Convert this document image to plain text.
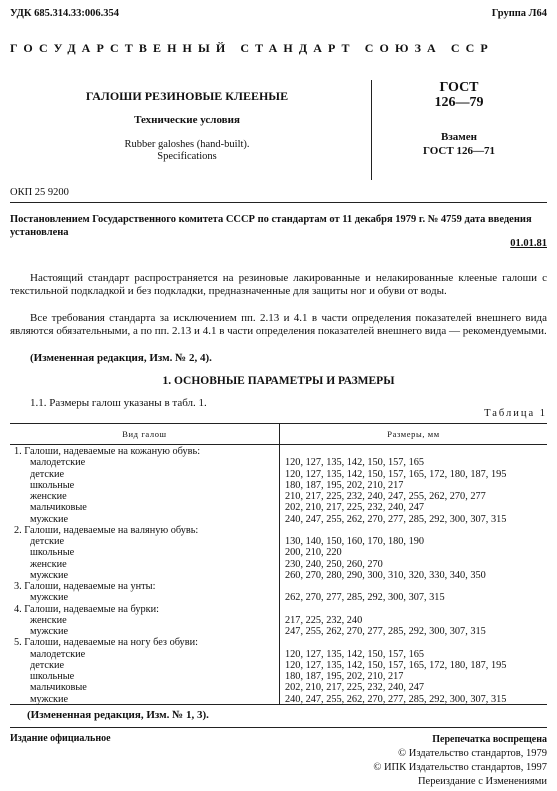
УДК 685.314.33:006.354	Группа Л64
ГОСУДАРСТВЕННЫЙ СТАНДАРТ СОЮЗА ССР
ГАЛОШИ РЕЗИНОВЫЕ КЛЕЕНЫЕ
Технические условия
Rubber galoshes (hand-built).
Specifications
ГОСТ
126—79
Взамен
ГОСТ 126—71
ОКП 25 9200
Постановлением Государственного комитета СССР по стандартам от 11 декабря 1979 г. № 4759 дата введения установлена
01.01.81
Настоящий стандарт распространяется на резиновые лакированные и нелакированные клееные галоши с текстильной подкладкой и без подкладки, предназначенные для защиты ног и обуви от воды.
Все требования стандарта за исключением пп. 2.13 и 4.1 в части определения показателей внешнего вида являются обязательными, а по пп. 2.13 и 4.1 в части определения показателей внешнего вида — рекомендуемыми.
(Измененная редакция, Изм. № 2, 4).
1. ОСНОВНЫЕ ПАРАМЕТРЫ И РАЗМЕРЫ
1.1. Размеры галош указаны в табл. 1.
Таблица 1
Вид галош	Размеры, мм
1. Галоши, надеваемые на кожаную обувь:
малодетские	120, 127, 135, 142, 150, 157, 165
детские	120, 127, 135, 142, 150, 157, 165, 172, 180, 187, 195
школьные	180, 187, 195, 202, 210, 217
женские	210, 217, 225, 232, 240, 247, 255, 262, 270, 277
мальчиковые	202, 210, 217, 225, 232, 240, 247
мужские	240, 247, 255, 262, 270, 277, 285, 292, 300, 307, 315
2. Галоши, надеваемые на валяную обувь:
детские	130, 140, 150, 160, 170, 180, 190
школьные	200, 210, 220
женские	230, 240, 250, 260, 270
мужские	260, 270, 280, 290, 300, 310, 320, 330, 340, 350
3. Галоши, надеваемые на унты:
мужские	262, 270, 277, 285, 292, 300, 307, 315
4. Галоши, надеваемые на бурки:
женские	217, 225, 232, 240
мужские	247, 255, 262, 270, 277, 285, 292, 300, 307, 315
5. Галоши, надеваемые на ногу без обуви:
малодетские	120, 127, 135, 142, 150, 157, 165
детские	120, 127, 135, 142, 150, 157, 165, 172, 180, 187, 195
школьные	180, 187, 195, 202, 210, 217
мальчиковые	202, 210, 217, 225, 232, 240, 247
мужские	240, 247, 255, 262, 270, 277, 285, 292, 300, 307, 315
(Измененная редакция, Изм. № 1, 3).
Издание официальное	Перепечатка воспрещена
© Издательство стандартов, 1979
© ИПК Издательство стандартов, 1997
Переиздание с Изменениями
